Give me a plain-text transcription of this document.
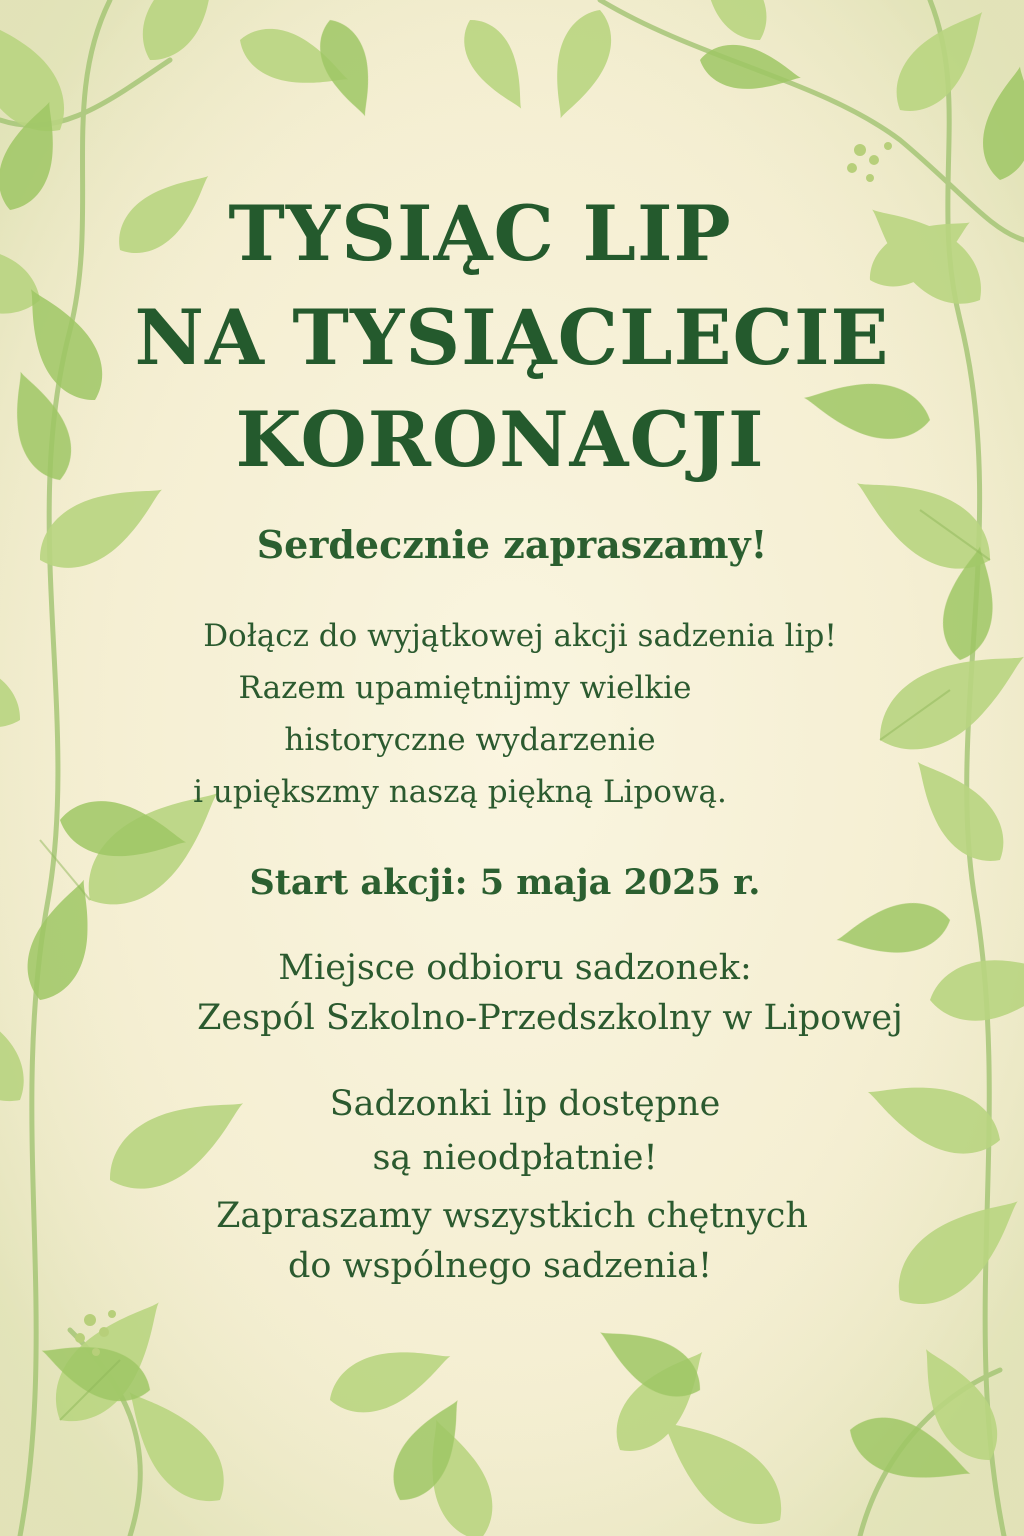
TYSIĄC LIP
NA TYSIĄCLECIE
KORONACJI
Serdecznie zapraszamy!
Dołącz do wyjątkowej akcji sadzenia lip!
Razem upamiętnijmy wielkie
historyczne wydarzenie
i upiększmy naszą piękną Lipową.
Start akcji: 5 maja 2025 r.
Miejsce odbioru sadzonek:
Zespól Szkolno-Przedszkolny w Lipowej
Sadzonki lip dostępne
są nieodpłatnie!
Zapraszamy wszystkich chętnych
do wspólnego sadzenia!
